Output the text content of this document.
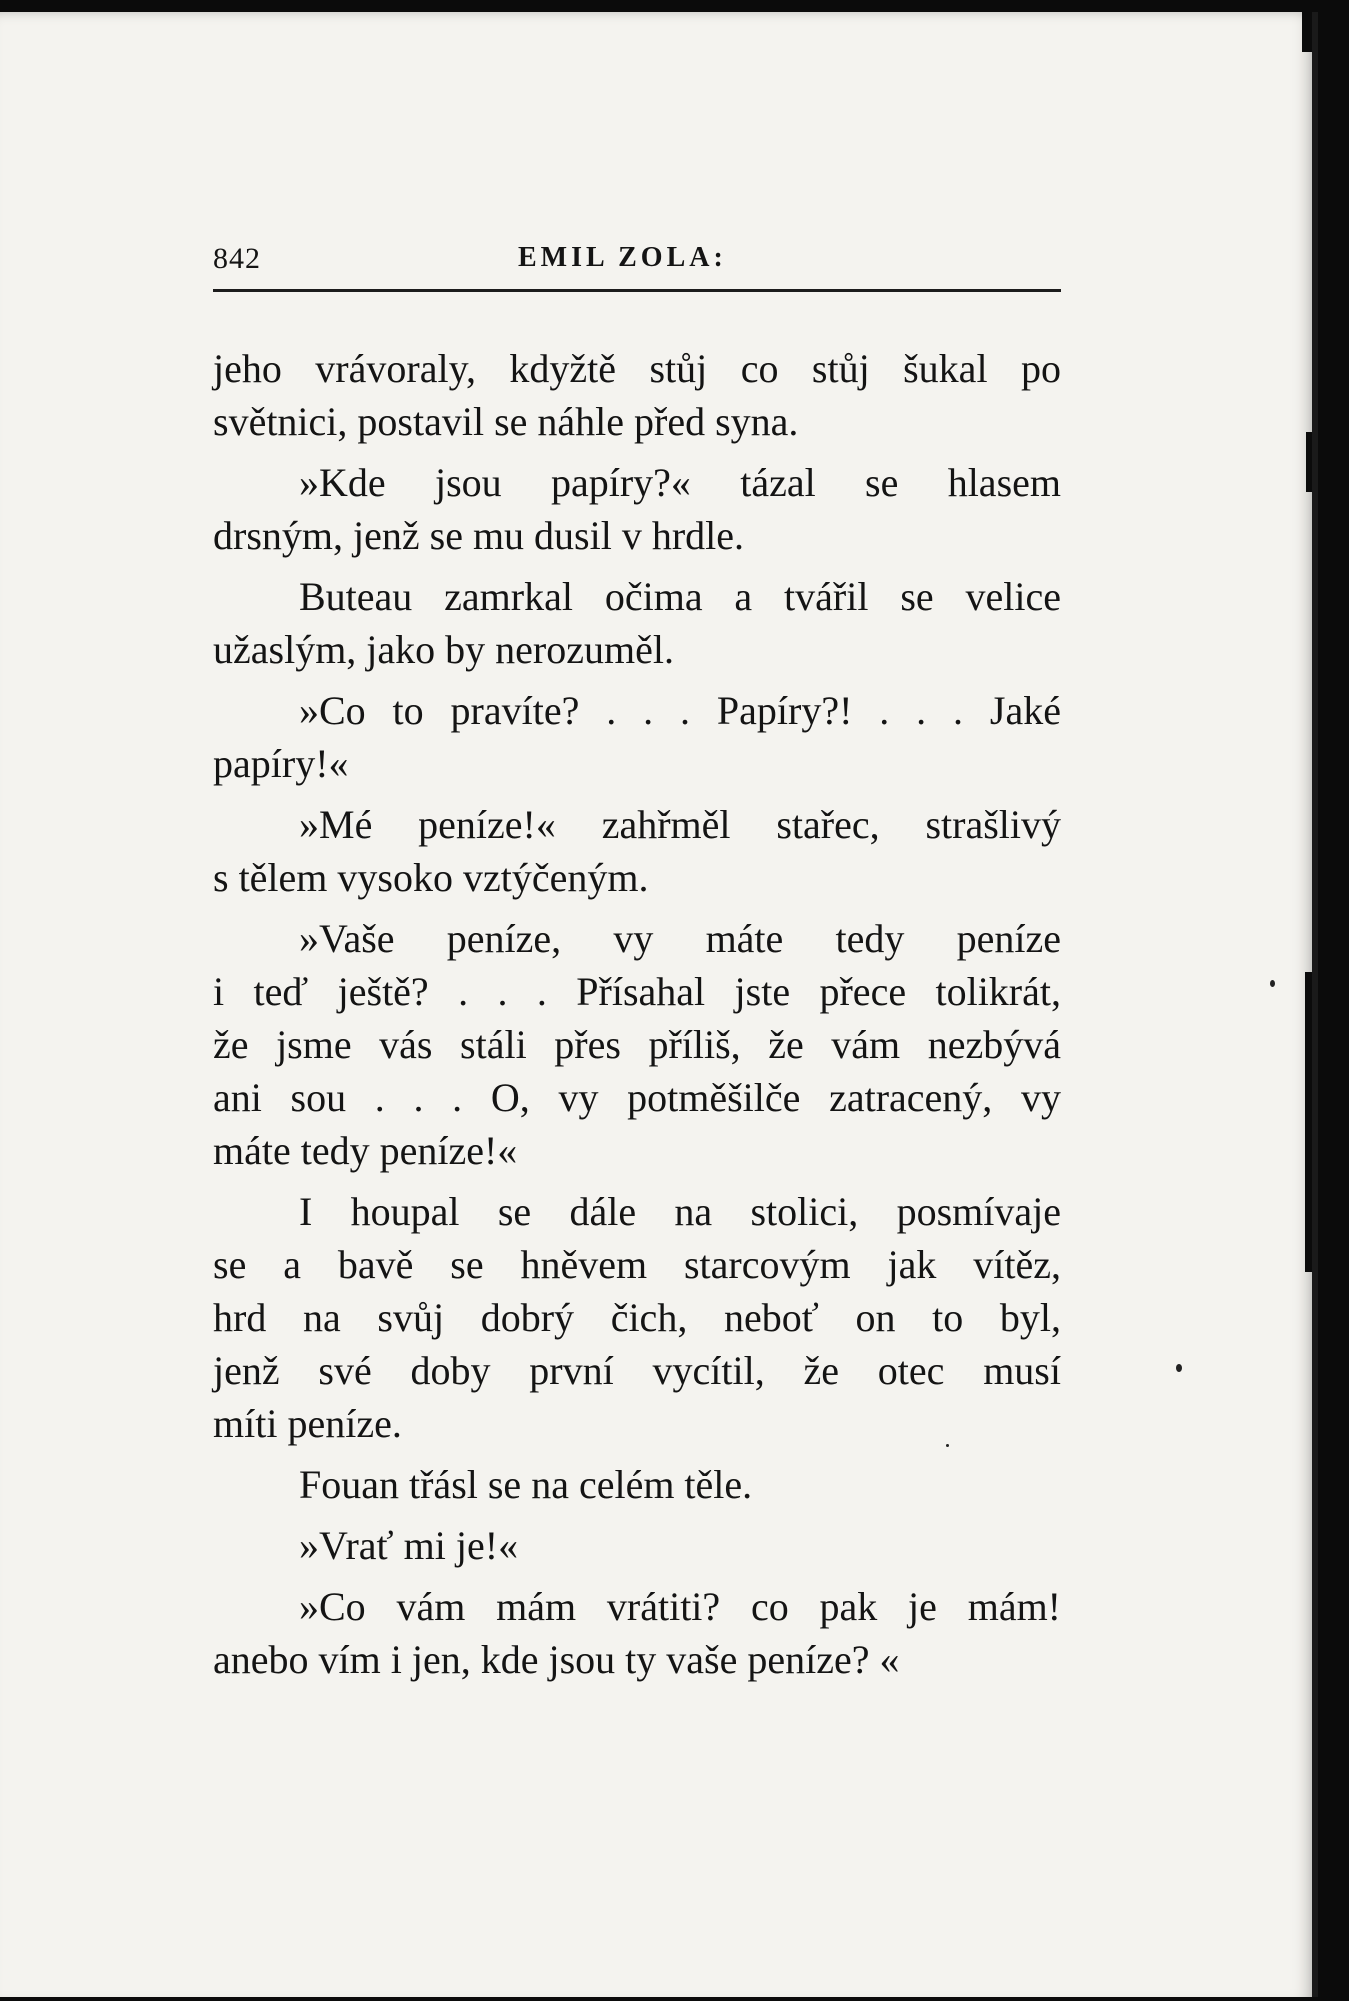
842	EMIL ZOLA:
jeho vrávoraly, kdyžtě stůj co stůj šukal po
světnici, postavil se náhle před syna.
»Kde jsou papíry?« tázal se hlasem
drsným, jenž se mu dusil v hrdle.
Buteau zamrkal očima a tvářil se velice
užaslým, jako by nerozuměl.
»Co to pravíte? . . . Papíry?! . . . Jaké
papíry!«
»Mé peníze!« zahřměl stařec, strašlivý
s tělem vysoko vztýčeným.
»Vaše peníze, vy máte tedy peníze
i teď ještě? . . . Přísahal jste přece tolikrát,
že jsme vás stáli přes příliš, že vám nezbývá
ani sou . . . O, vy potměšilče zatracený, vy
máte tedy peníze!«
I houpal se dále na stolici, posmívaje
se a bavě se hněvem starcovým jak vítěz,
hrd na svůj dobrý čich, neboť on to byl,
jenž své doby první vycítil, že otec musí
míti peníze.
Fouan třásl se na celém těle.
»Vrať mi je!«
»Co vám mám vrátiti? co pak je mám!
anebo vím i jen, kde jsou ty vaše peníze? «
